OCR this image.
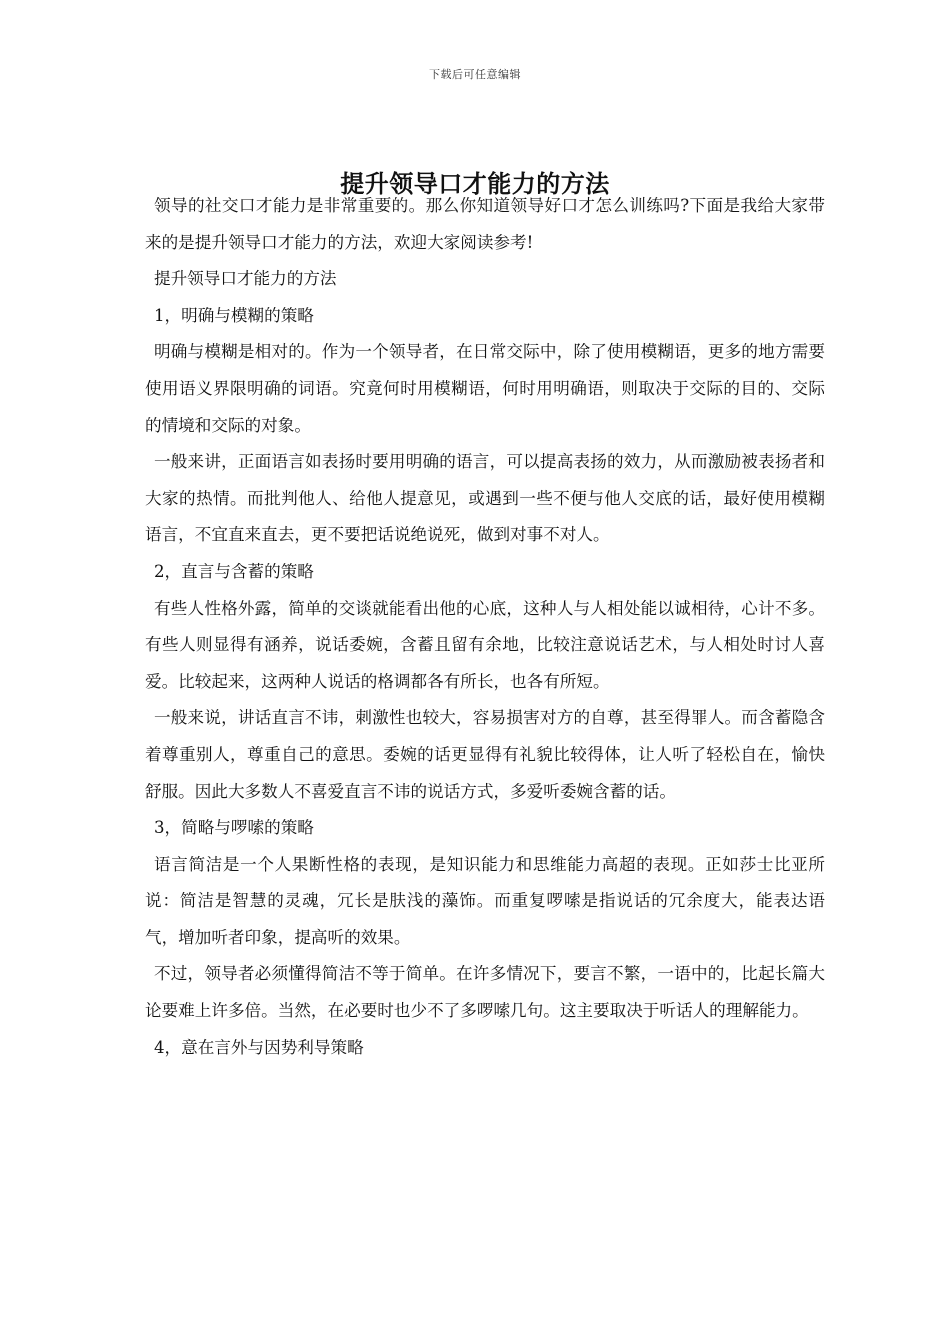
下载后可任意编辑
提升领导口才能力的方法

领导的社交口才能力是非常重要的。那么你知道领导好口才怎么训练吗?下面是我给大家带来的是提升领导口才能力的方法，欢迎大家阅读参考!

提升领导口才能力的方法

1，明确与模糊的策略

明确与模糊是相对的。作为一个领导者，在日常交际中，除了使用模糊语，更多的地方需要使用语义界限明确的词语。究竟何时用模糊语，何时用明确语，则取决于交际的目的、交际的情境和交际的对象。

一般来讲，正面语言如表扬时要用明确的语言，可以提高表扬的效力，从而激励被表扬者和大家的热情。而批判他人、给他人提意见，或遇到一些不便与他人交底的话，最好使用模糊语言，不宜直来直去，更不要把话说绝说死，做到对事不对人。

2，直言与含蓄的策略

有些人性格外露，简单的交谈就能看出他的心底，这种人与人相处能以诚相待，心计不多。有些人则显得有涵养，说话委婉，含蓄且留有余地，比较注意说话艺术，与人相处时讨人喜爱。比较起来，这两种人说话的格调都各有所长，也各有所短。

一般来说，讲话直言不讳，刺激性也较大，容易损害对方的自尊，甚至得罪人。而含蓄隐含着尊重别人，尊重自己的意思。委婉的话更显得有礼貌比较得体，让人听了轻松自在，愉快舒服。因此大多数人不喜爱直言不讳的说话方式，多爱听委婉含蓄的话。

3，简略与啰嗦的策略

语言简洁是一个人果断性格的表现，是知识能力和思维能力高超的表现。正如莎士比亚所说：简洁是智慧的灵魂，冗长是肤浅的藻饰。而重复啰嗦是指说话的冗余度大，能表达语气，增加听者印象，提高听的效果。

不过，领导者必须懂得简洁不等于简单。在许多情况下，要言不繁，一语中的，比起长篇大论要难上许多倍。当然，在必要时也少不了多啰嗦几句。这主要取决于听话人的理解能力。

4，意在言外与因势利导策略
